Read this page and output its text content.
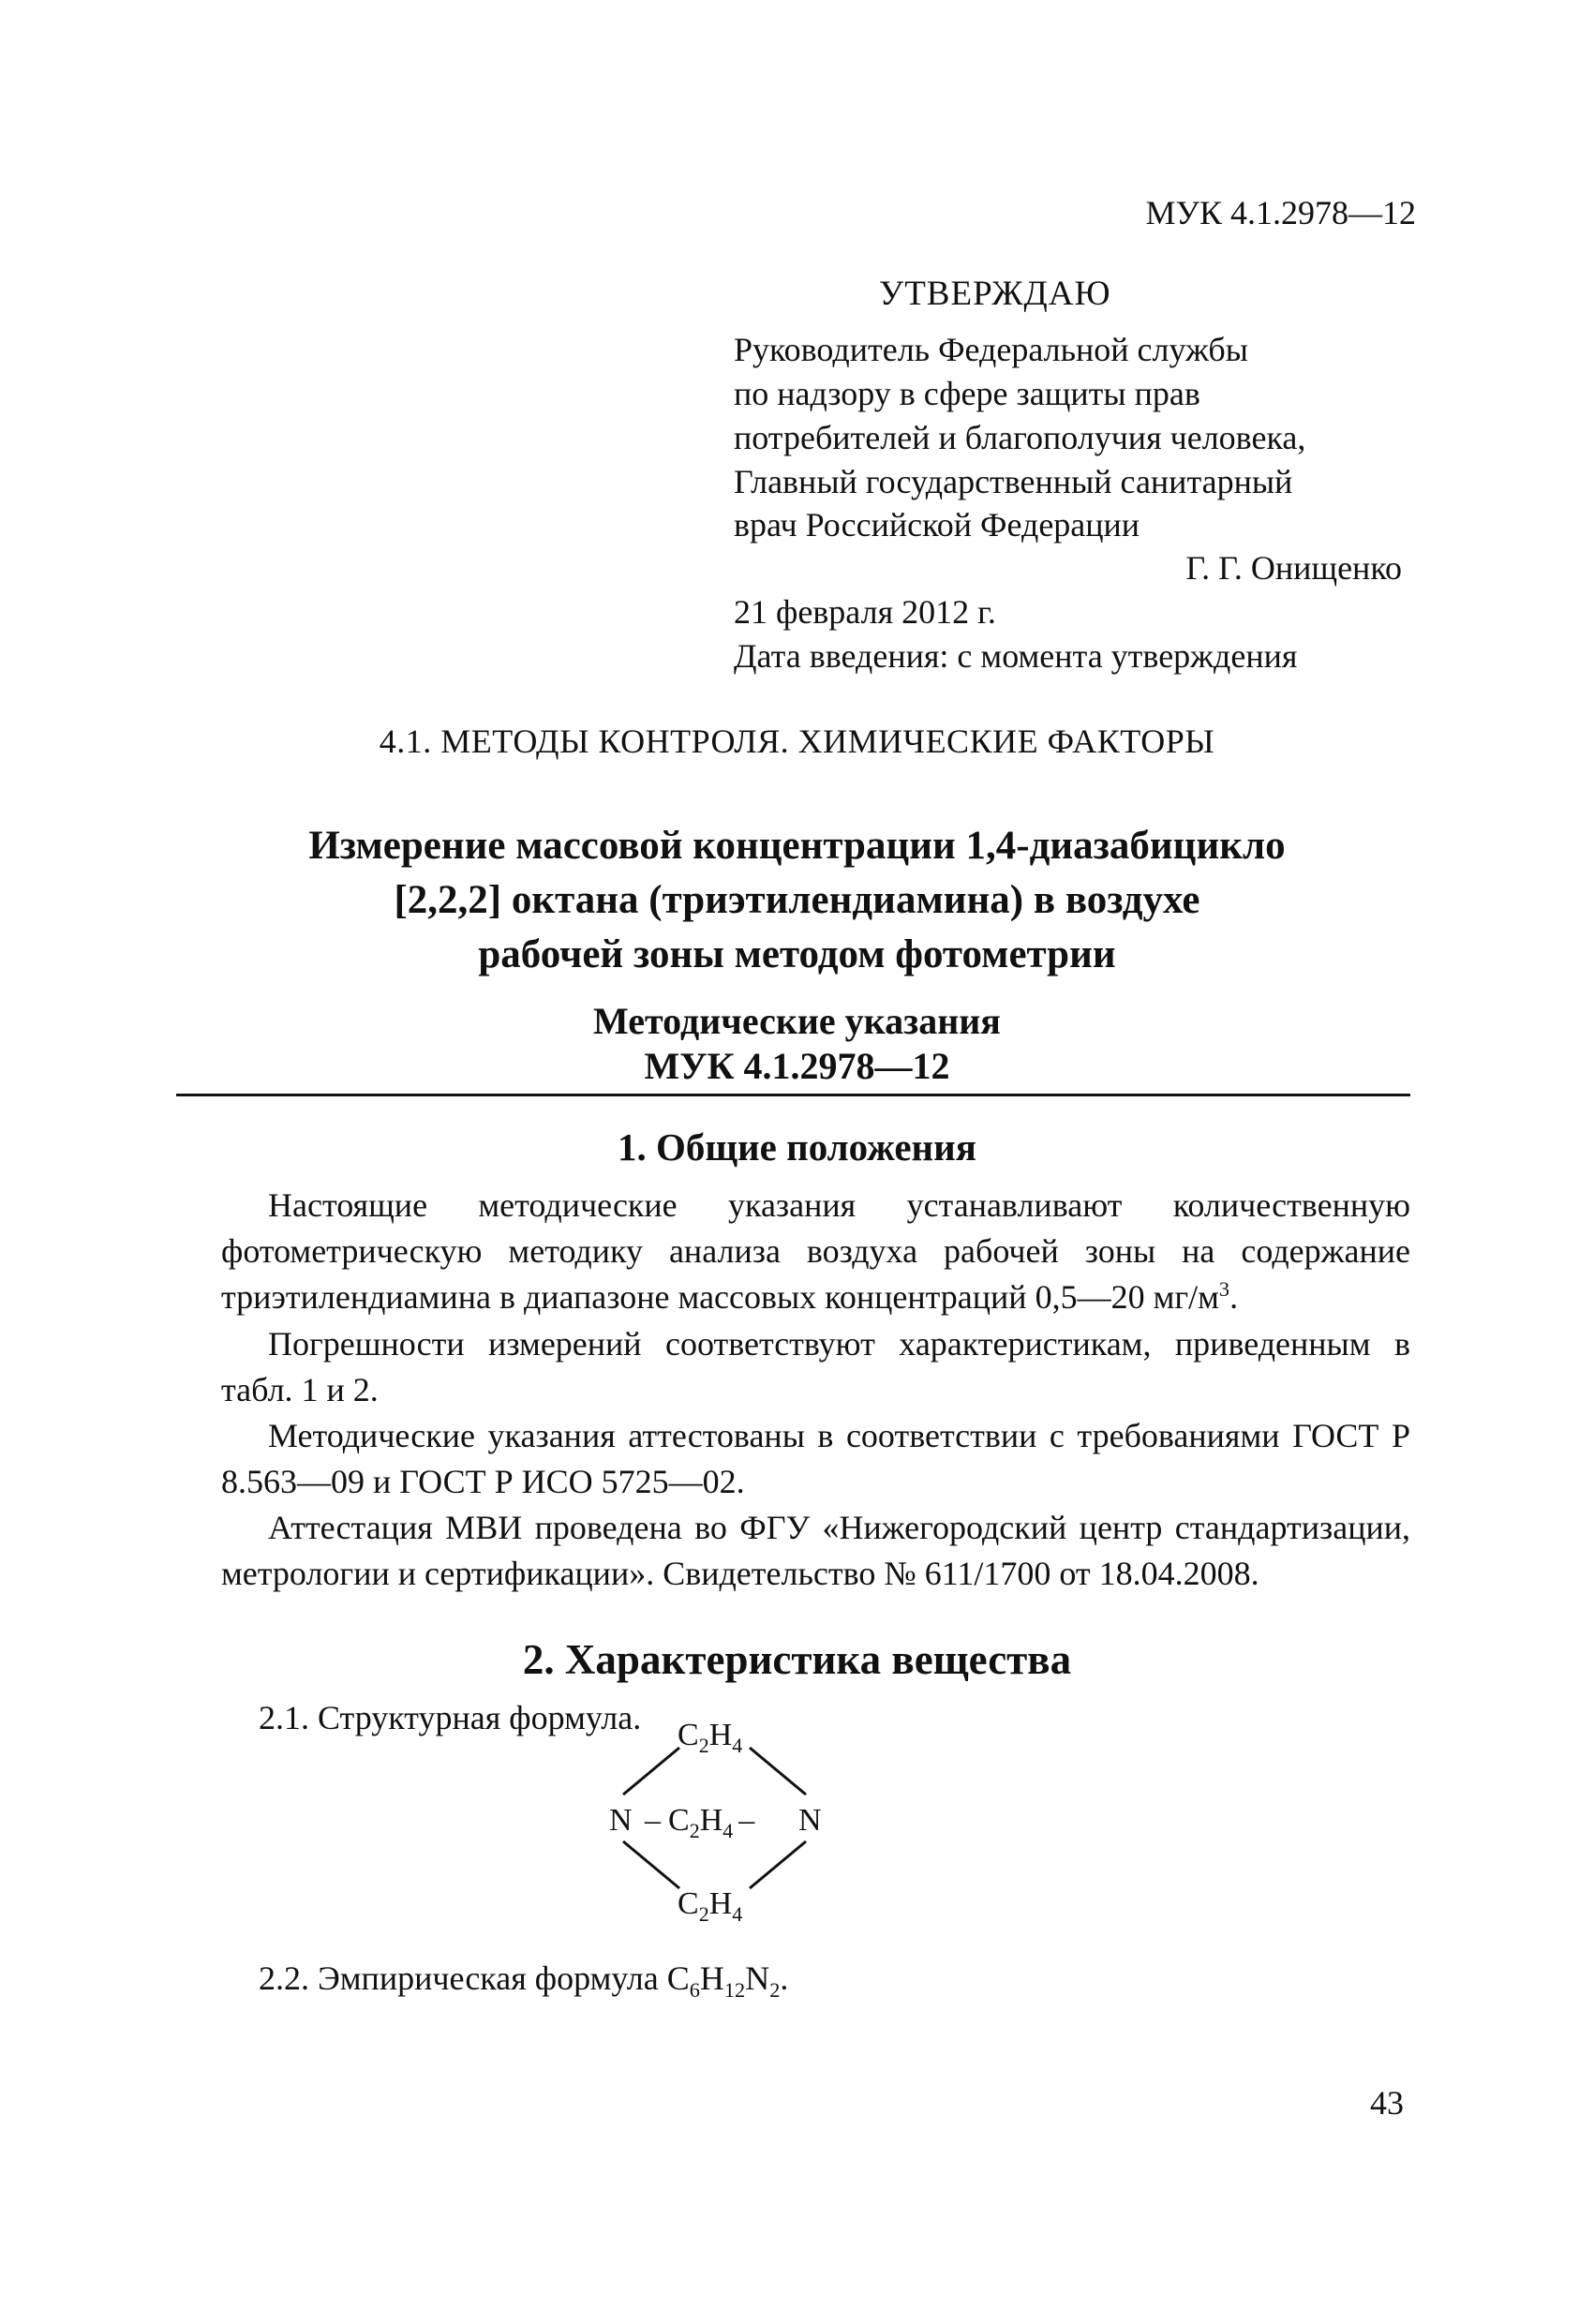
МУК 4.1.2978—12
УТВЕРЖДАЮ
Руководитель Федеральной службы
по надзору в сфере защиты прав
потребителей и благополучия человека,
Главный государственный санитарный
врач Российской Федерации
Г. Г. Онищенко
21 февраля 2012 г.
Дата введения: с момента утверждения
4.1. МЕТОДЫ КОНТРОЛЯ. ХИМИЧЕСКИЕ ФАКТОРЫ
Измерение массовой концентрации 1,4-диазабицикло
[2,2,2] октана (триэтилендиамина) в воздухе
рабочей зоны методом фотометрии
Методические указания
МУК 4.1.2978—12
1. Общие положения
Настоящие методические указания устанавливают количественную фотометрическую методику анализа воздуха рабочей зоны на содержание триэтилендиамина в диапазоне массовых концентраций 0,5—20 $мг/м^3$.
Погрешности измерений соответствуют характеристикам, приведенным в табл. 1 и 2.
Методические указания аттестованы в соответствии с требованиями ГОСТ Р 8.563—09 и ГОСТ Р ИСО 5725—02.
Аттестация МВИ проведена во ФГУ «Нижегородский центр стандартизации, метрологии и сертификации». Свидетельство № 611/1700 от 18.04.2008.
2. Характеристика вещества
2.1. Структурная формула. $C_2H_4$
N – $C_2H_4$ – N
$C_2H_4$
2.2. Эмпирическая формула $C_6H_{12}N_2$.
43
